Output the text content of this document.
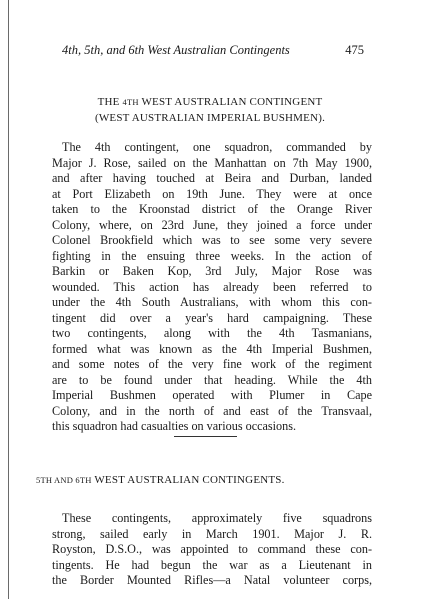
4th, 5th, and 6th West Australian Contingents	475
THE 4TH WEST AUSTRALIAN CONTINGENT
(WEST AUSTRALIAN IMPERIAL BUSHMEN).
The 4th contingent, one squadron, commanded by
Major J. Rose, sailed on the Manhattan on 7th May 1900,
and after having touched at Beira and Durban, landed
at Port Elizabeth on 19th June. They were at once
taken to the Kroonstad district of the Orange River
Colony, where, on 23rd June, they joined a force under
Colonel Brookfield which was to see some very severe
fighting in the ensuing three weeks. In the action of
Barkin or Baken Kop, 3rd July, Major Rose was
wounded. This action has already been referred to
under the 4th South Australians, with whom this con-
tingent did over a year's hard campaigning. These
two contingents, along with the 4th Tasmanians,
formed what was known as the 4th Imperial Bushmen,
and some notes of the very fine work of the regiment
are to be found under that heading. While the 4th
Imperial Bushmen operated with Plumer in Cape
Colony, and in the north of and east of the Transvaal,
this squadron had casualties on various occasions.
5TH AND 6TH WEST AUSTRALIAN CONTINGENTS.
These contingents, approximately five squadrons
strong, sailed early in March 1901. Major J. R.
Royston, D.S.O., was appointed to command these con-
tingents. He had begun the war as a Lieutenant in
the Border Mounted Rifles—a Natal volunteer corps,
